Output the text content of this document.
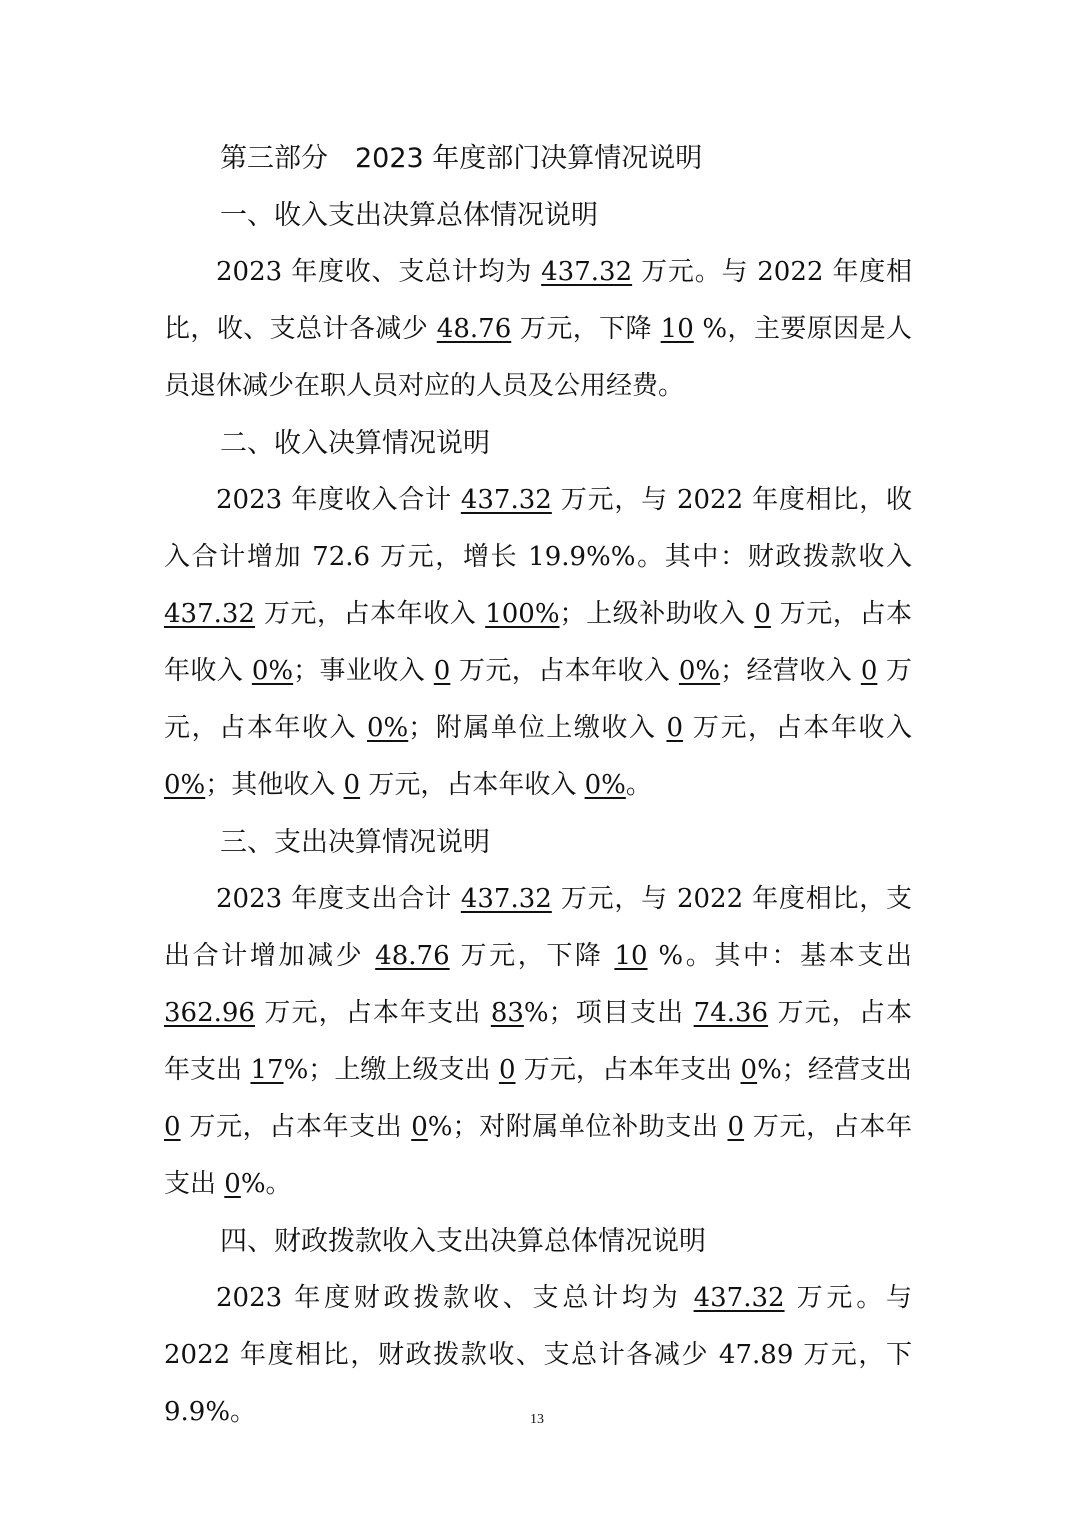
第三部分　2023 年度部门决算情况说明
一、收入支出决算总体情况说明

2023 年度收、支总计均为 437.32 万元。与 2022 年度相比，收、支总计各减少 48.76 万元，下降 10 %，主要原因是人员退休减少在职人员对应的人员及公用经费。

二、收入决算情况说明

2023 年度收入合计 437.32 万元，与 2022 年度相比，收入合计增加 72.6 万元，增长 19.9%%。其中：财政拨款收入 437.32 万元，占本年收入 100%；上级补助收入 0 万元，占本年收入 0%；事业收入 0 万元，占本年收入 0%；经营收入 0 万元，占本年收入 0%；附属单位上缴收入 0 万元，占本年收入 0%；其他收入 0 万元，占本年收入 0%。

三、支出决算情况说明

2023 年度支出合计 437.32 万元，与 2022 年度相比，支出合计增加减少 48.76 万元，下降 10 %。其中：基本支出 362.96 万元，占本年支出 83%；项目支出 74.36 万元，占本年支出 17%；上缴上级支出 0 万元，占本年支出 0%；经营支出 0 万元，占本年支出 0%；对附属单位补助支出 0 万元，占本年支出 0%。

四、财政拨款收入支出决算总体情况说明

2023 年度财政拨款收、支总计均为 437.32 万元。与 2022 年度相比，财政拨款收、支总计各减少 47.89 万元，下 9.9%。	13
